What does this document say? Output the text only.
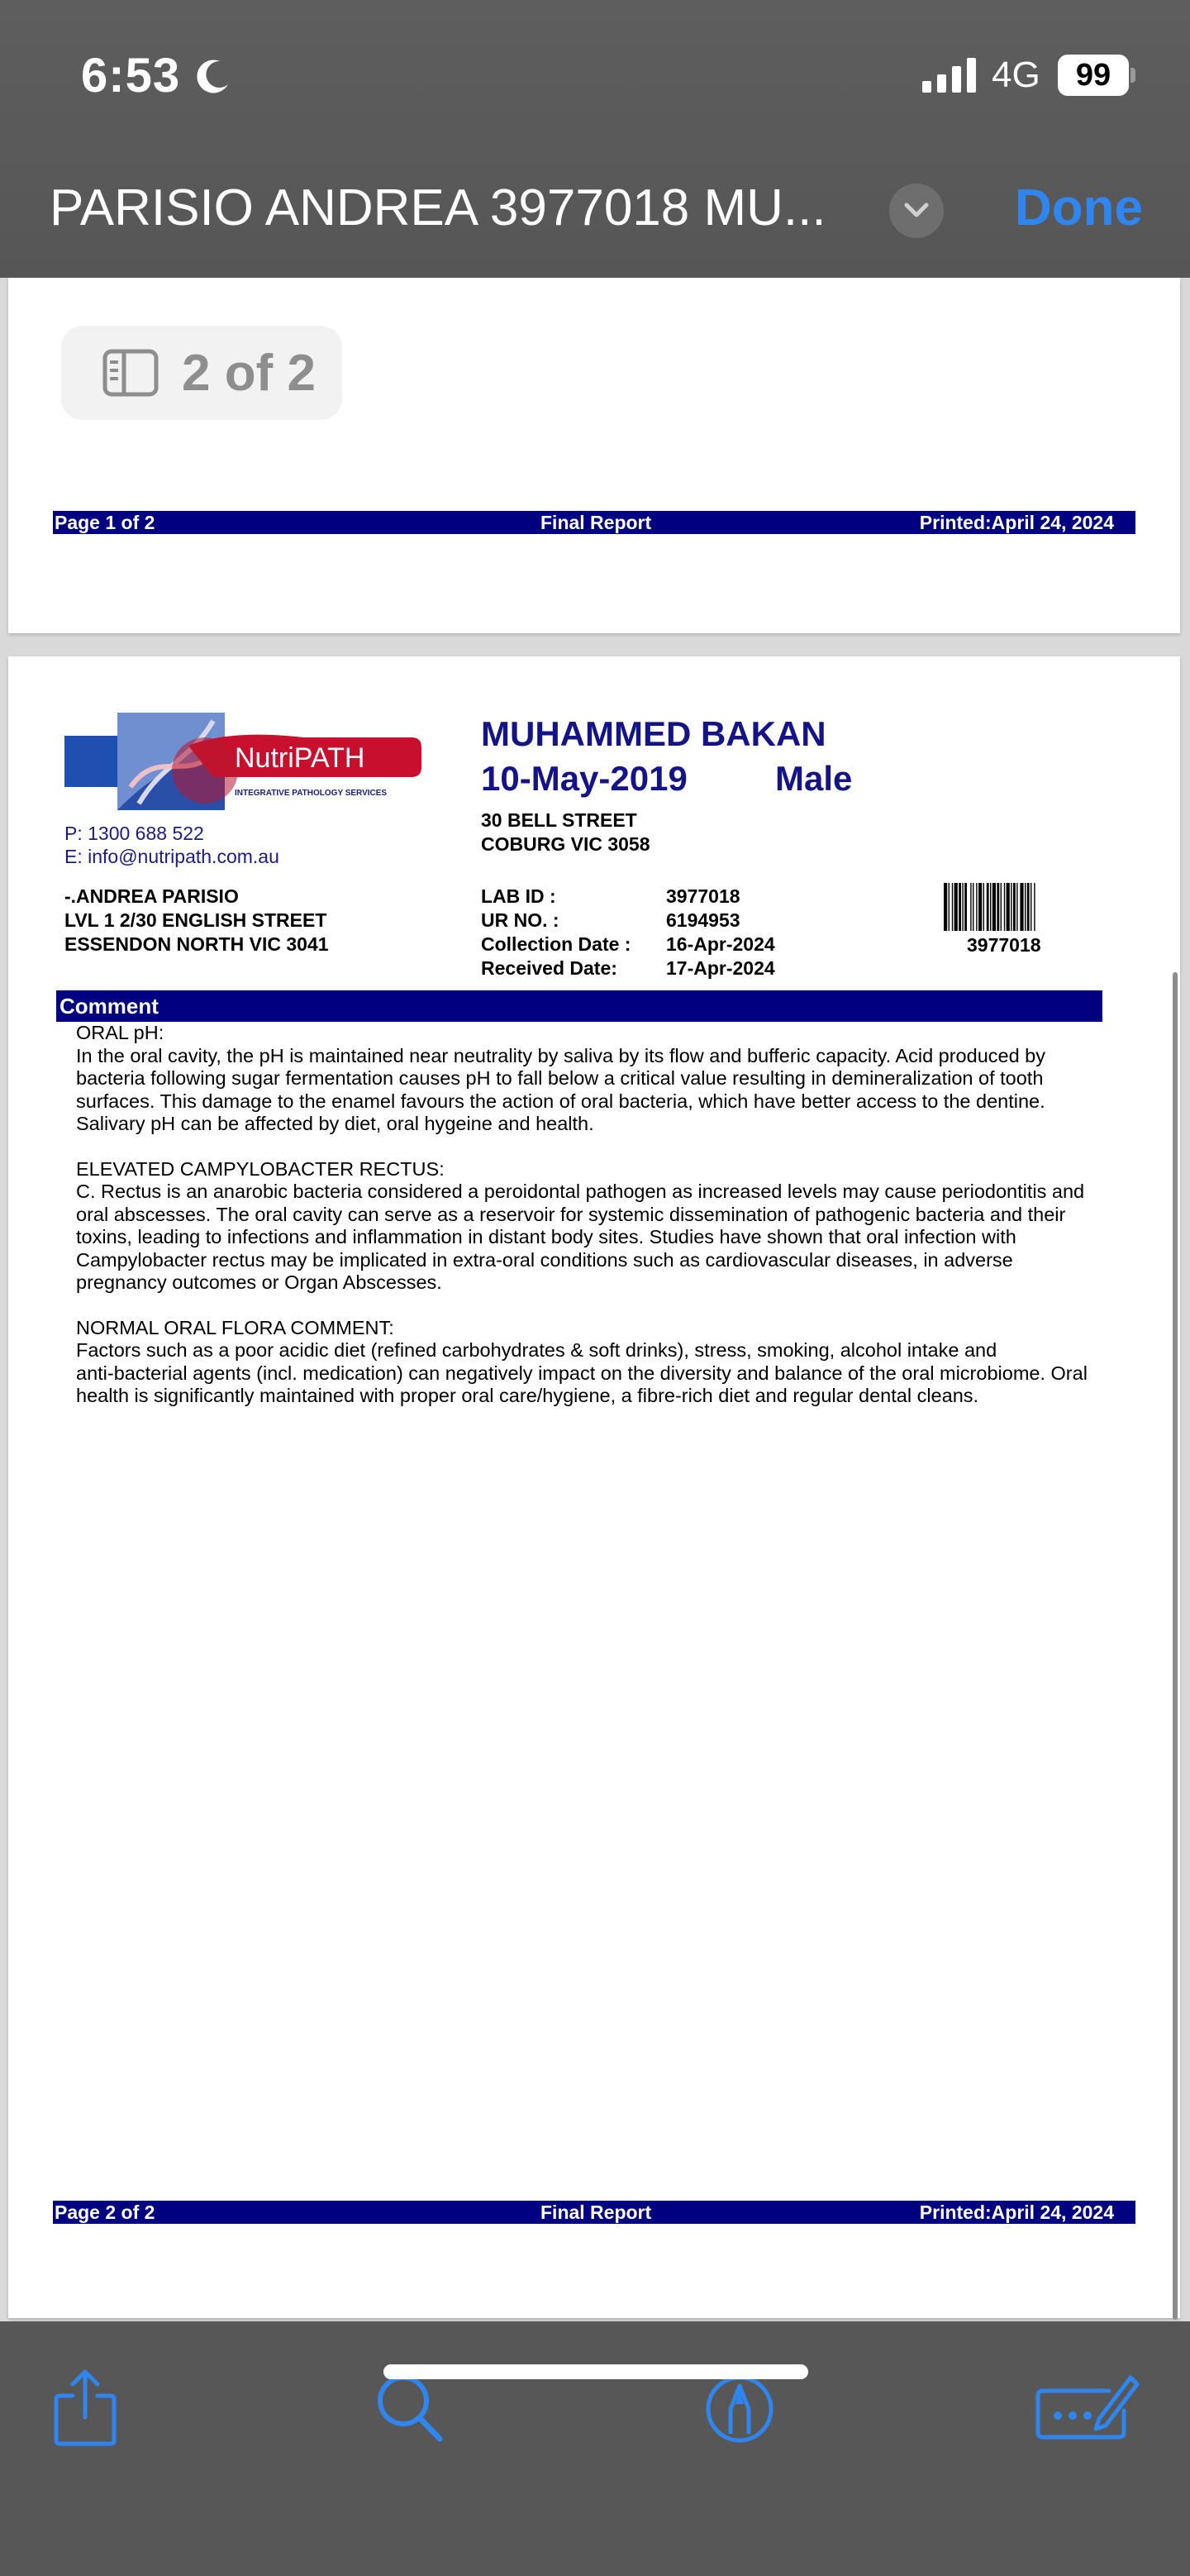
6:53	4G	99
PARISIO ANDREA 3977018 MU...	Done
2 of 2
Page 1 of 2	Final Report	Printed:April 24, 2024
NutriPATH
INTEGRATIVE PATHOLOGY SERVICES
P: 1300 688 522
E: info@nutripath.com.au
-.ANDREA PARISIO
LVL 1 2/30 ENGLISH STREET
ESSENDON NORTH VIC 3041
MUHAMMED BAKAN
10-May-2019	Male
30 BELL STREET
COBURG VIC 3058
LAB ID :	3977018
UR NO. :	6194953
Collection Date : 16-Apr-2024
Received Date:	17-Apr-2024
3977018
Comment
ORAL pH:
In the oral cavity, the pH is maintained near neutrality by saliva by its flow and bufferic capacity. Acid produced by
bacteria following sugar fermentation causes pH to fall below a critical value resulting in demineralization of tooth
surfaces. This damage to the enamel favours the action of oral bacteria, which have better access to the dentine.
Salivary pH can be affected by diet, oral hygeine and health.
ELEVATED CAMPYLOBACTER RECTUS:
C. Rectus is an anarobic bacteria considered a peroidontal pathogen as increased levels may cause periodontitis and
oral abscesses. The oral cavity can serve as a reservoir for systemic dissemination of pathogenic bacteria and their
toxins, leading to infections and inflammation in distant body sites. Studies have shown that oral infection with
Campylobacter rectus may be implicated in extra-oral conditions such as cardiovascular diseases, in adverse
pregnancy outcomes or Organ Abscesses.
NORMAL ORAL FLORA COMMENT:
Factors such as a poor acidic diet (refined carbohydrates & soft drinks), stress, smoking, alcohol intake and
anti-bacterial agents (incl. medication) can negatively impact on the diversity and balance of the oral microbiome. Oral
health is significantly maintained with proper oral care/hygiene, a fibre-rich diet and regular dental cleans.
Page 2 of 2	Final Report	Printed:April 24, 2024
